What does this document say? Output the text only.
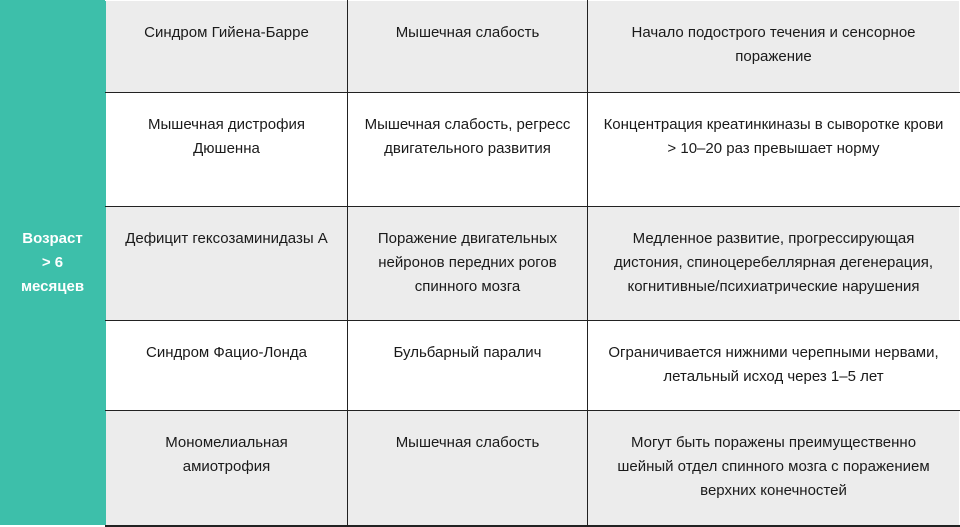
Возраст
> 6
месяцев
Синдром Гийена-Барре	Мышечная слабость	Начало подострого течения и сенсорное поражение
Мышечная дистрофия Дюшенна	Мышечная слабость, регресс двигательного развития	Концентрация креатинкиназы в сыворотке крови > 10–20 раз превышает норму
Дефицит гексозаминидазы А	Поражение двигательных нейронов передних рогов спинного мозга	Медленное развитие, прогрессирующая дистония, спиноцеребеллярная дегенерация, когнитивные/психиатрические нарушения
Синдром Фацио-Лонда	Бульбарный паралич	Ограничивается нижними черепными нервами, летальный исход через 1–5 лет
Мономелиальная амиотрофия	Мышечная слабость	Могут быть поражены преимущественно шейный отдел спинного мозга с поражением верхних конечностей
